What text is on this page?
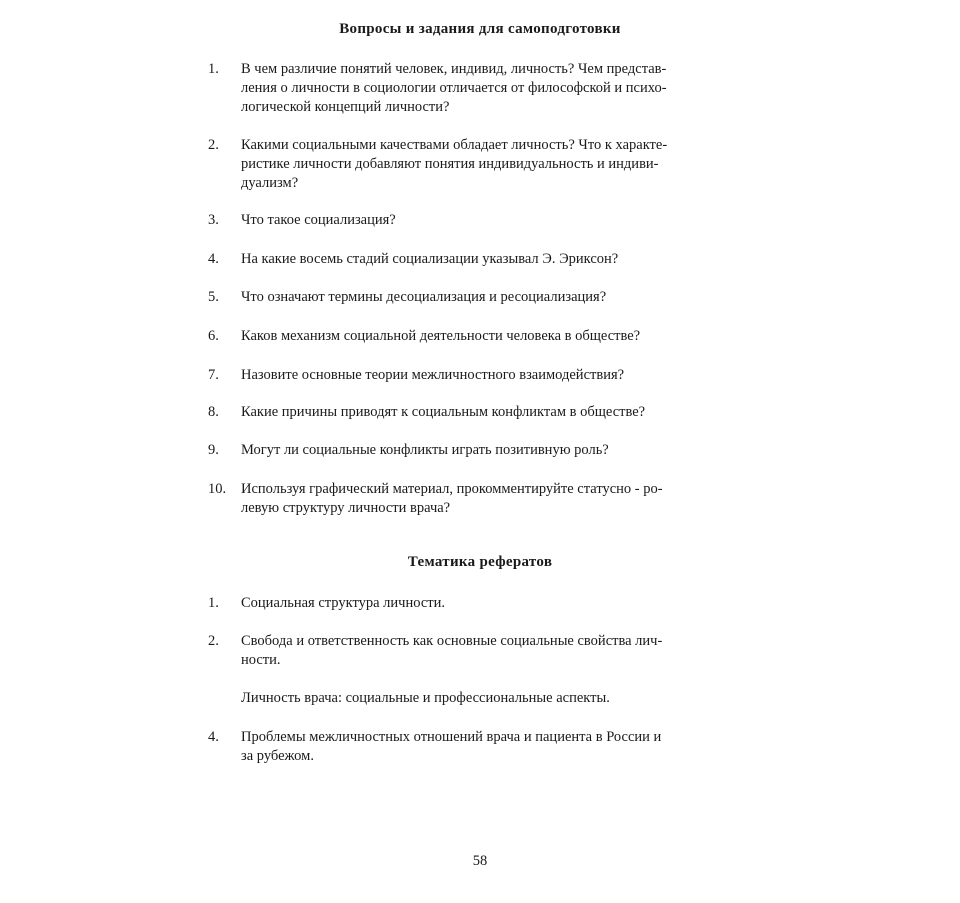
Вопросы и задания для самоподготовки
1.	В чем различие понятий человек, индивид, личность? Чем представ-
ления о личности в социологии отличается от философской и психо-
логической концепций личности?
2.	Какими социальными качествами обладает личность? Что к характе-
ристике личности добавляют понятия индивидуальность и индиви-
дуализм?
3.	Что такое социализация?
4.	На какие восемь стадий социализации указывал Э. Эриксон?
5.	Что означают термины десоциализация и ресоциализация?
6.	Каков механизм социальной деятельности человека в обществе?
7.	Назовите основные теории межличностного взаимодействия?
8.	Какие причины приводят к социальным конфликтам в обществе?
9.	Могут ли социальные конфликты играть позитивную роль?
10.	Используя графический материал, прокомментируйте статусно - ро-
левую структуру личности врача?
Тематика рефератов
1.	Социальная структура личности.
2.	Свобода и ответственность как основные социальные свойства лич-
ности.
Личность врача: социальные и профессиональные аспекты.
4.	Проблемы межличностных отношений врача и пациента в России и
за рубежом.
58
